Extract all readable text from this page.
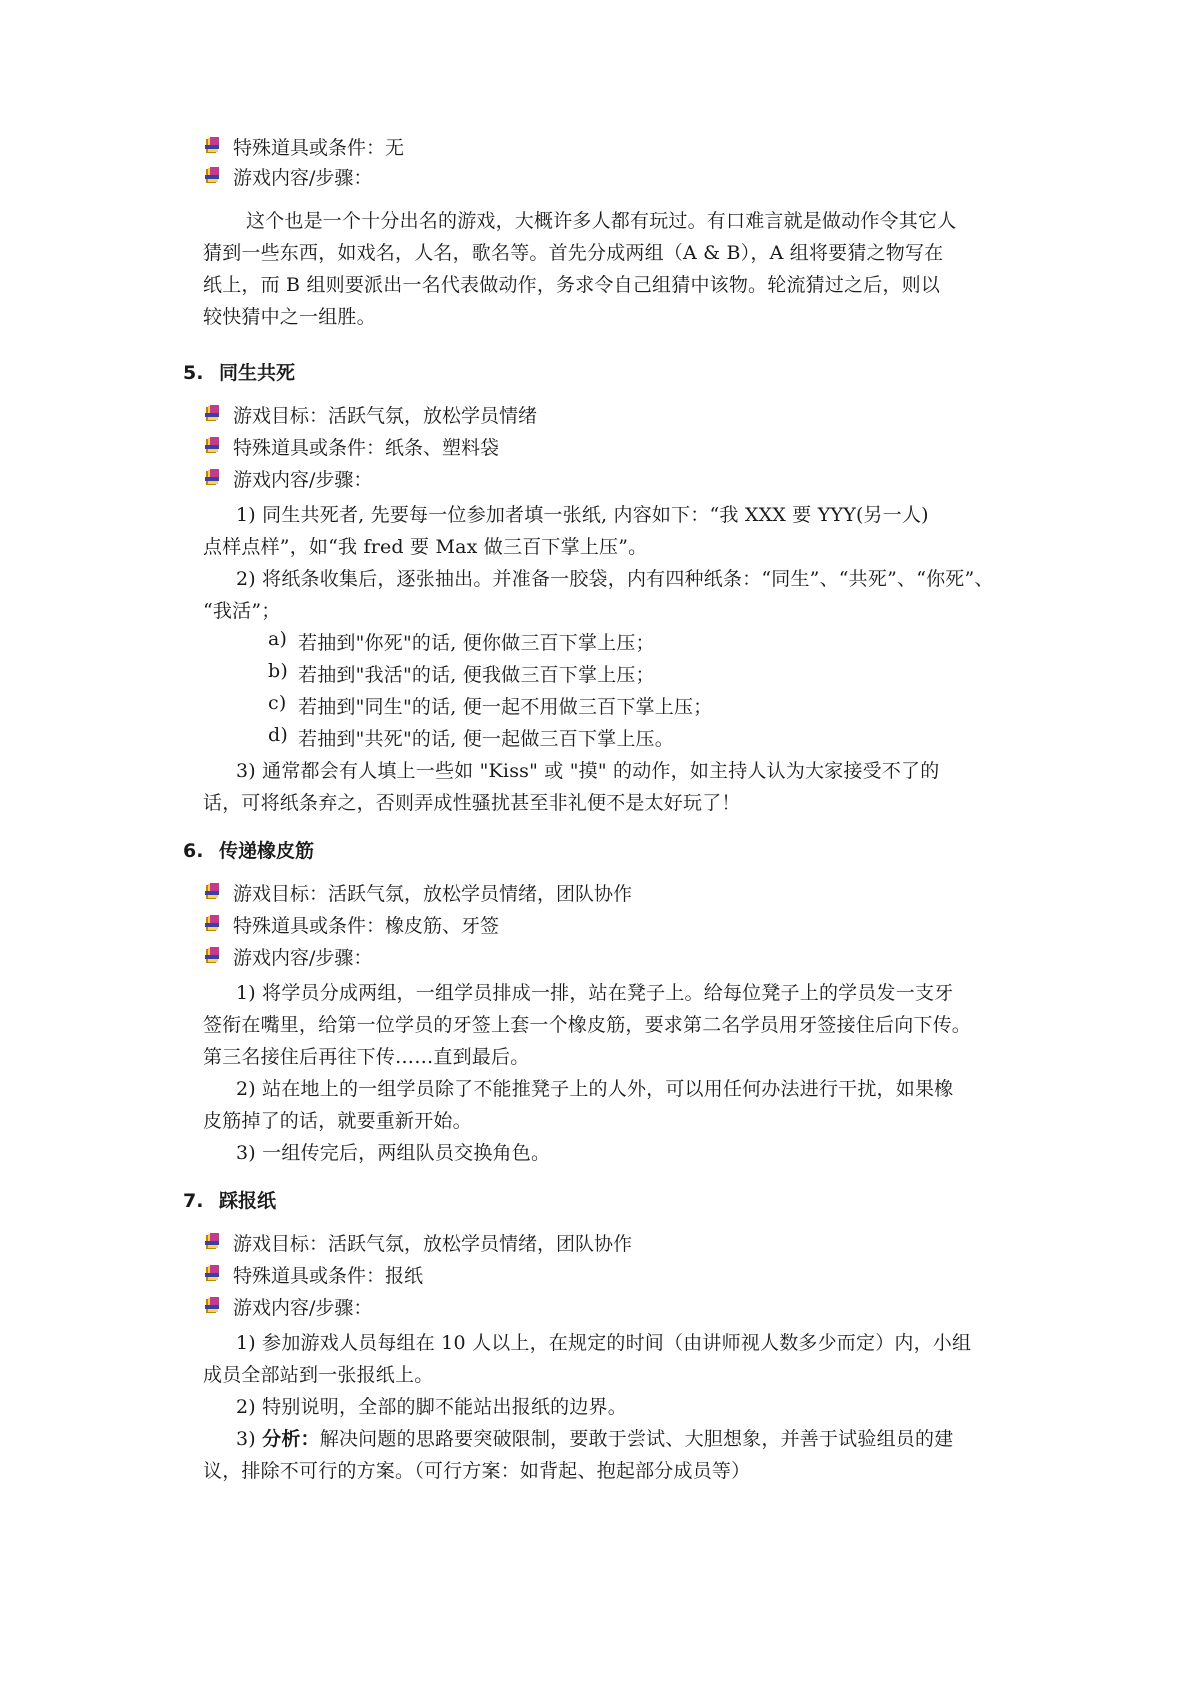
特殊道具或条件：无
游戏内容/步骤：
这个也是一个十分出名的游戏，大概许多人都有玩过。有口难言就是做动作令其它人
猜到一些东西，如戏名，人名，歌名等。首先分成两组（A & B），A 组将要猜之物写在
纸上，而 B 组则要派出一名代表做动作，务求令自己组猜中该物。轮流猜过之后，则以
较快猜中之一组胜。
5. 同生共死
游戏目标：活跃气氛，放松学员情绪
特殊道具或条件：纸条、塑料袋
游戏内容/步骤：
1) 同生共死者, 先要每一位参加者填一张纸, 内容如下：“我 XXX 要 YYY(另一人)
点样点样”，如“我 fred 要 Max 做三百下掌上压”。
2) 将纸条收集后，逐张抽出。并准备一胶袋，内有四种纸条：“同生”、“共死”、“你死”、
“我活”；
a) 若抽到"你死"的话, 便你做三百下掌上压；
b) 若抽到"我活"的话, 便我做三百下掌上压；
c) 若抽到"同生"的话, 便一起不用做三百下掌上压；
d) 若抽到"共死"的话, 便一起做三百下掌上压。
3) 通常都会有人填上一些如 "Kiss" 或 "摸" 的动作，如主持人认为大家接受不了的
话，可将纸条弃之，否则弄成性骚扰甚至非礼便不是太好玩了！
6. 传递橡皮筋
游戏目标：活跃气氛，放松学员情绪，团队协作
特殊道具或条件：橡皮筋、牙签
游戏内容/步骤：
1) 将学员分成两组，一组学员排成一排，站在凳子上。给每位凳子上的学员发一支牙
签衔在嘴里，给第一位学员的牙签上套一个橡皮筋，要求第二名学员用牙签接住后向下传。
第三名接住后再往下传……直到最后。
2) 站在地上的一组学员除了不能推凳子上的人外，可以用任何办法进行干扰，如果橡
皮筋掉了的话，就要重新开始。
3) 一组传完后，两组队员交换角色。
7. 踩报纸
游戏目标：活跃气氛，放松学员情绪，团队协作
特殊道具或条件：报纸
游戏内容/步骤：
1) 参加游戏人员每组在 10 人以上，在规定的时间（由讲师视人数多少而定）内，小组
成员全部站到一张报纸上。
2) 特别说明，全部的脚不能站出报纸的边界。
3) 分析：解决问题的思路要突破限制，要敢于尝试、大胆想象，并善于试验组员的建
议，排除不可行的方案。（可行方案：如背起、抱起部分成员等）
